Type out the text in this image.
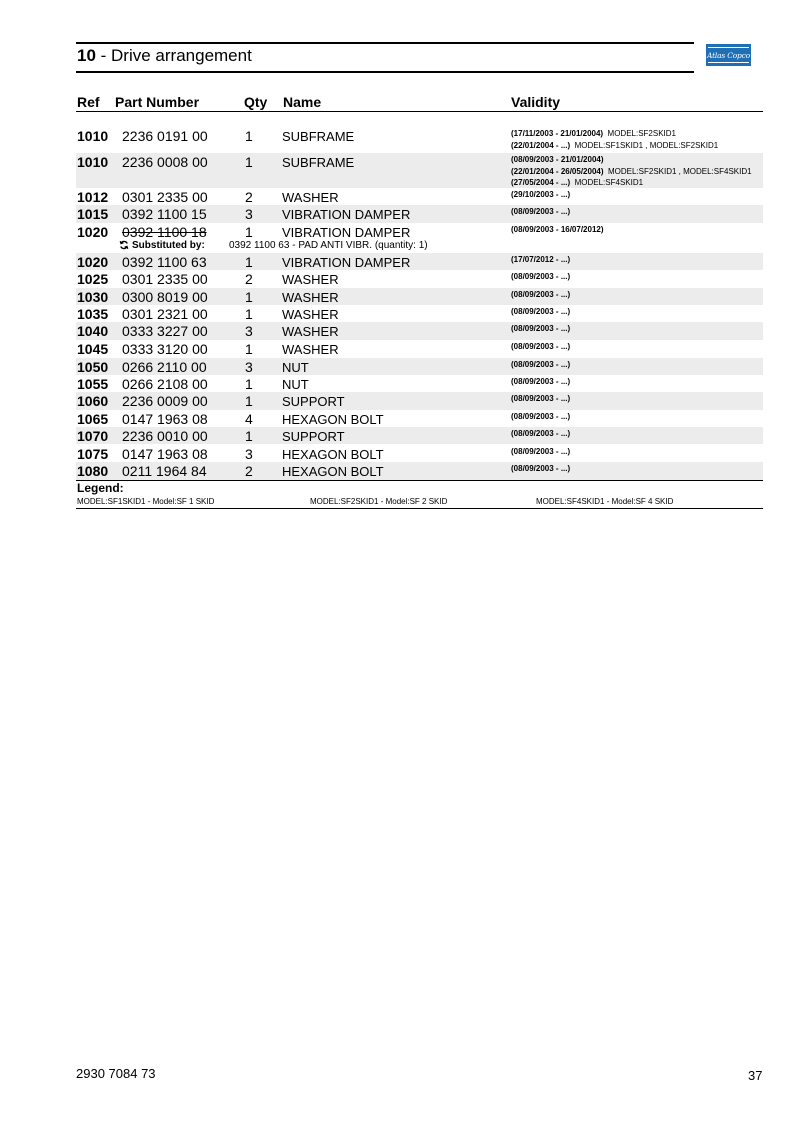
10 - Drive arrangement	Atlas Copco
Ref Part Number	Qty Name	Validity
1010 2236 0191 00	1 SUBFRAME	(17/11/2003 - 21/01/2004) MODEL:SF2SKID1
(22/01/2004 - ...) MODEL:SF1SKID1 , MODEL:SF2SKID1
1010 2236 0008 00	1 SUBFRAME	(08/09/2003 - 21/01/2004)
(22/01/2004 - 26/05/2004) MODEL:SF2SKID1 , MODEL:SF4SKID1
(27/05/2004 - ...) MODEL:SF4SKID1
1012 0301 2335 00	2 WASHER	(29/10/2003 - ...)
1015 0392 1100 15	3 VIBRATION DAMPER	(08/09/2003 - ...)
1020 0392 1100 18	1 VIBRATION DAMPER	(08/09/2003 - 16/07/2012)
Substituted by: 0392 1100 63 - PAD ANTI VIBR. (quantity: 1)
1020 0392 1100 63	1 VIBRATION DAMPER	(17/07/2012 - ...)
1025 0301 2335 00	2 WASHER	(08/09/2003 - ...)
1030 0300 8019 00	1 WASHER	(08/09/2003 - ...)
1035 0301 2321 00	1 WASHER	(08/09/2003 - ...)
1040 0333 3227 00	3 WASHER	(08/09/2003 - ...)
1045 0333 3120 00	1 WASHER	(08/09/2003 - ...)
1050 0266 2110 00	3 NUT	(08/09/2003 - ...)
1055 0266 2108 00	1 NUT	(08/09/2003 - ...)
1060 2236 0009 00	1 SUPPORT	(08/09/2003 - ...)
1065 0147 1963 08	4 HEXAGON BOLT	(08/09/2003 - ...)
1070 2236 0010 00	1 SUPPORT	(08/09/2003 - ...)
1075 0147 1963 08	3 HEXAGON BOLT	(08/09/2003 - ...)
1080 0211 1964 84	2 HEXAGON BOLT	(08/09/2003 - ...)
Legend:
MODEL:SF1SKID1 - Model:SF 1 SKID	MODEL:SF2SKID1 - Model:SF 2 SKID	MODEL:SF4SKID1 - Model:SF 4 SKID
2930 7084 73	37
